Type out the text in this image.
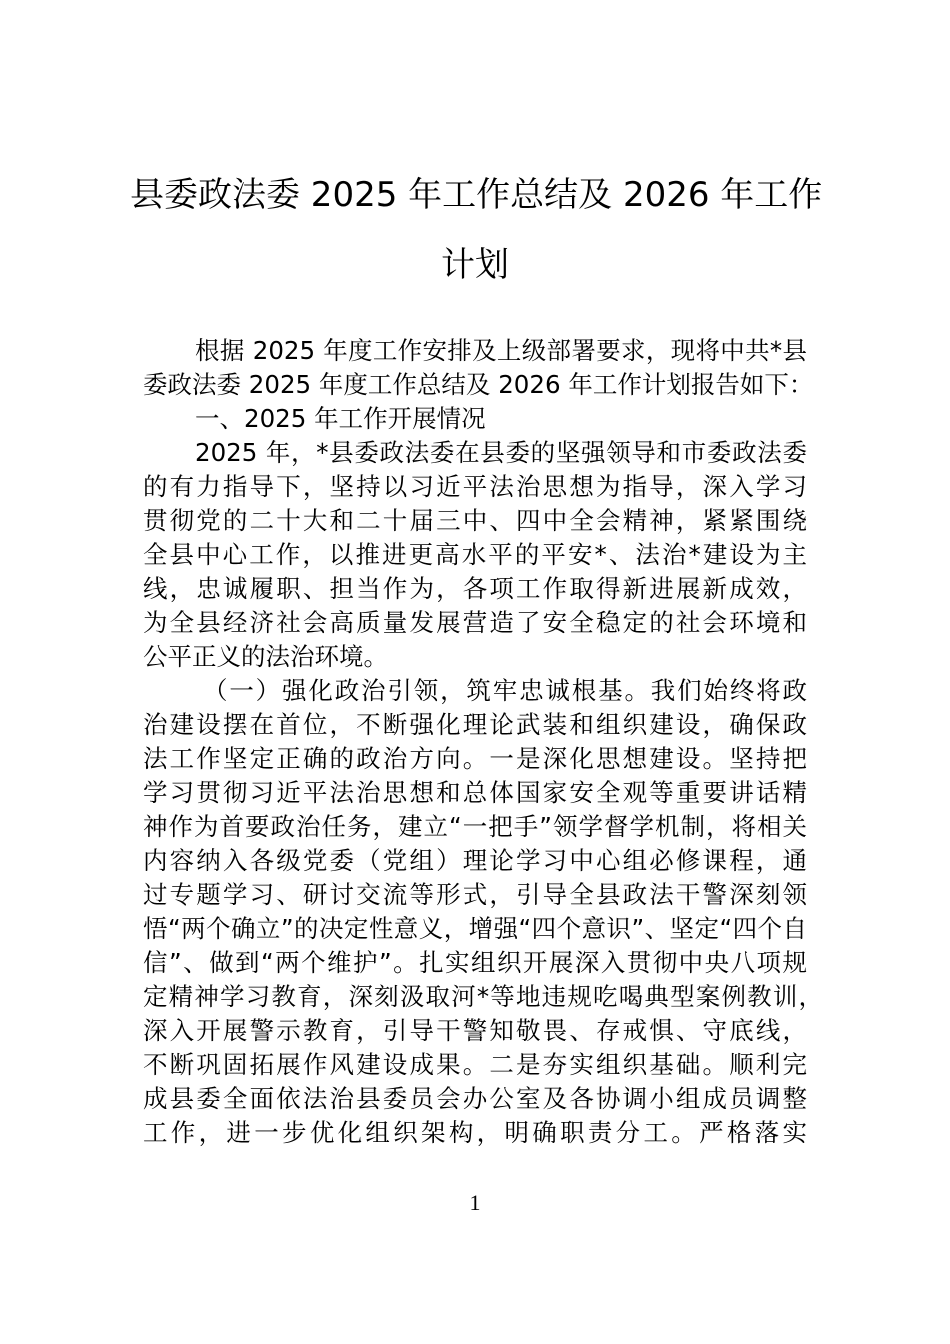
县委政法委 2025 年工作总结及 2026 年工作
计划
根据 2025 年度工作安排及上级部署要求，现将中共*县
委政法委 2025 年度工作总结及 2026 年工作计划报告如下：
一、2025 年工作开展情况
2025 年，*县委政法委在县委的坚强领导和市委政法委
的有力指导下，坚持以习近平法治思想为指导，深入学习
贯彻党的二十大和二十届三中、四中全会精神，紧紧围绕
全县中心工作，以推进更高水平的平安*、法治*建设为主
线，忠诚履职、担当作为，各项工作取得新进展新成效，
为全县经济社会高质量发展营造了安全稳定的社会环境和
公平正义的法治环境。
（一）强化政治引领，筑牢忠诚根基。我们始终将政
治建设摆在首位，不断强化理论武装和组织建设，确保政
法工作坚定正确的政治方向。一是深化思想建设。坚持把
学习贯彻习近平法治思想和总体国家安全观等重要讲话精
神作为首要政治任务，建立“一把手”领学督学机制，将相关
内容纳入各级党委（党组）理论学习中心组必修课程，通
过专题学习、研讨交流等形式，引导全县政法干警深刻领
悟“两个确立”的决定性意义，增强“四个意识”、坚定“四个自
信”、做到“两个维护”。扎实组织开展深入贯彻中央八项规
定精神学习教育，深刻汲取河*等地违规吃喝典型案例教训，
深入开展警示教育，引导干警知敬畏、存戒惧、守底线，
不断巩固拓展作风建设成果。二是夯实组织基础。顺利完
成县委全面依法治县委员会办公室及各协调小组成员调整
工作，进一步优化组织架构，明确职责分工。严格落实
1
